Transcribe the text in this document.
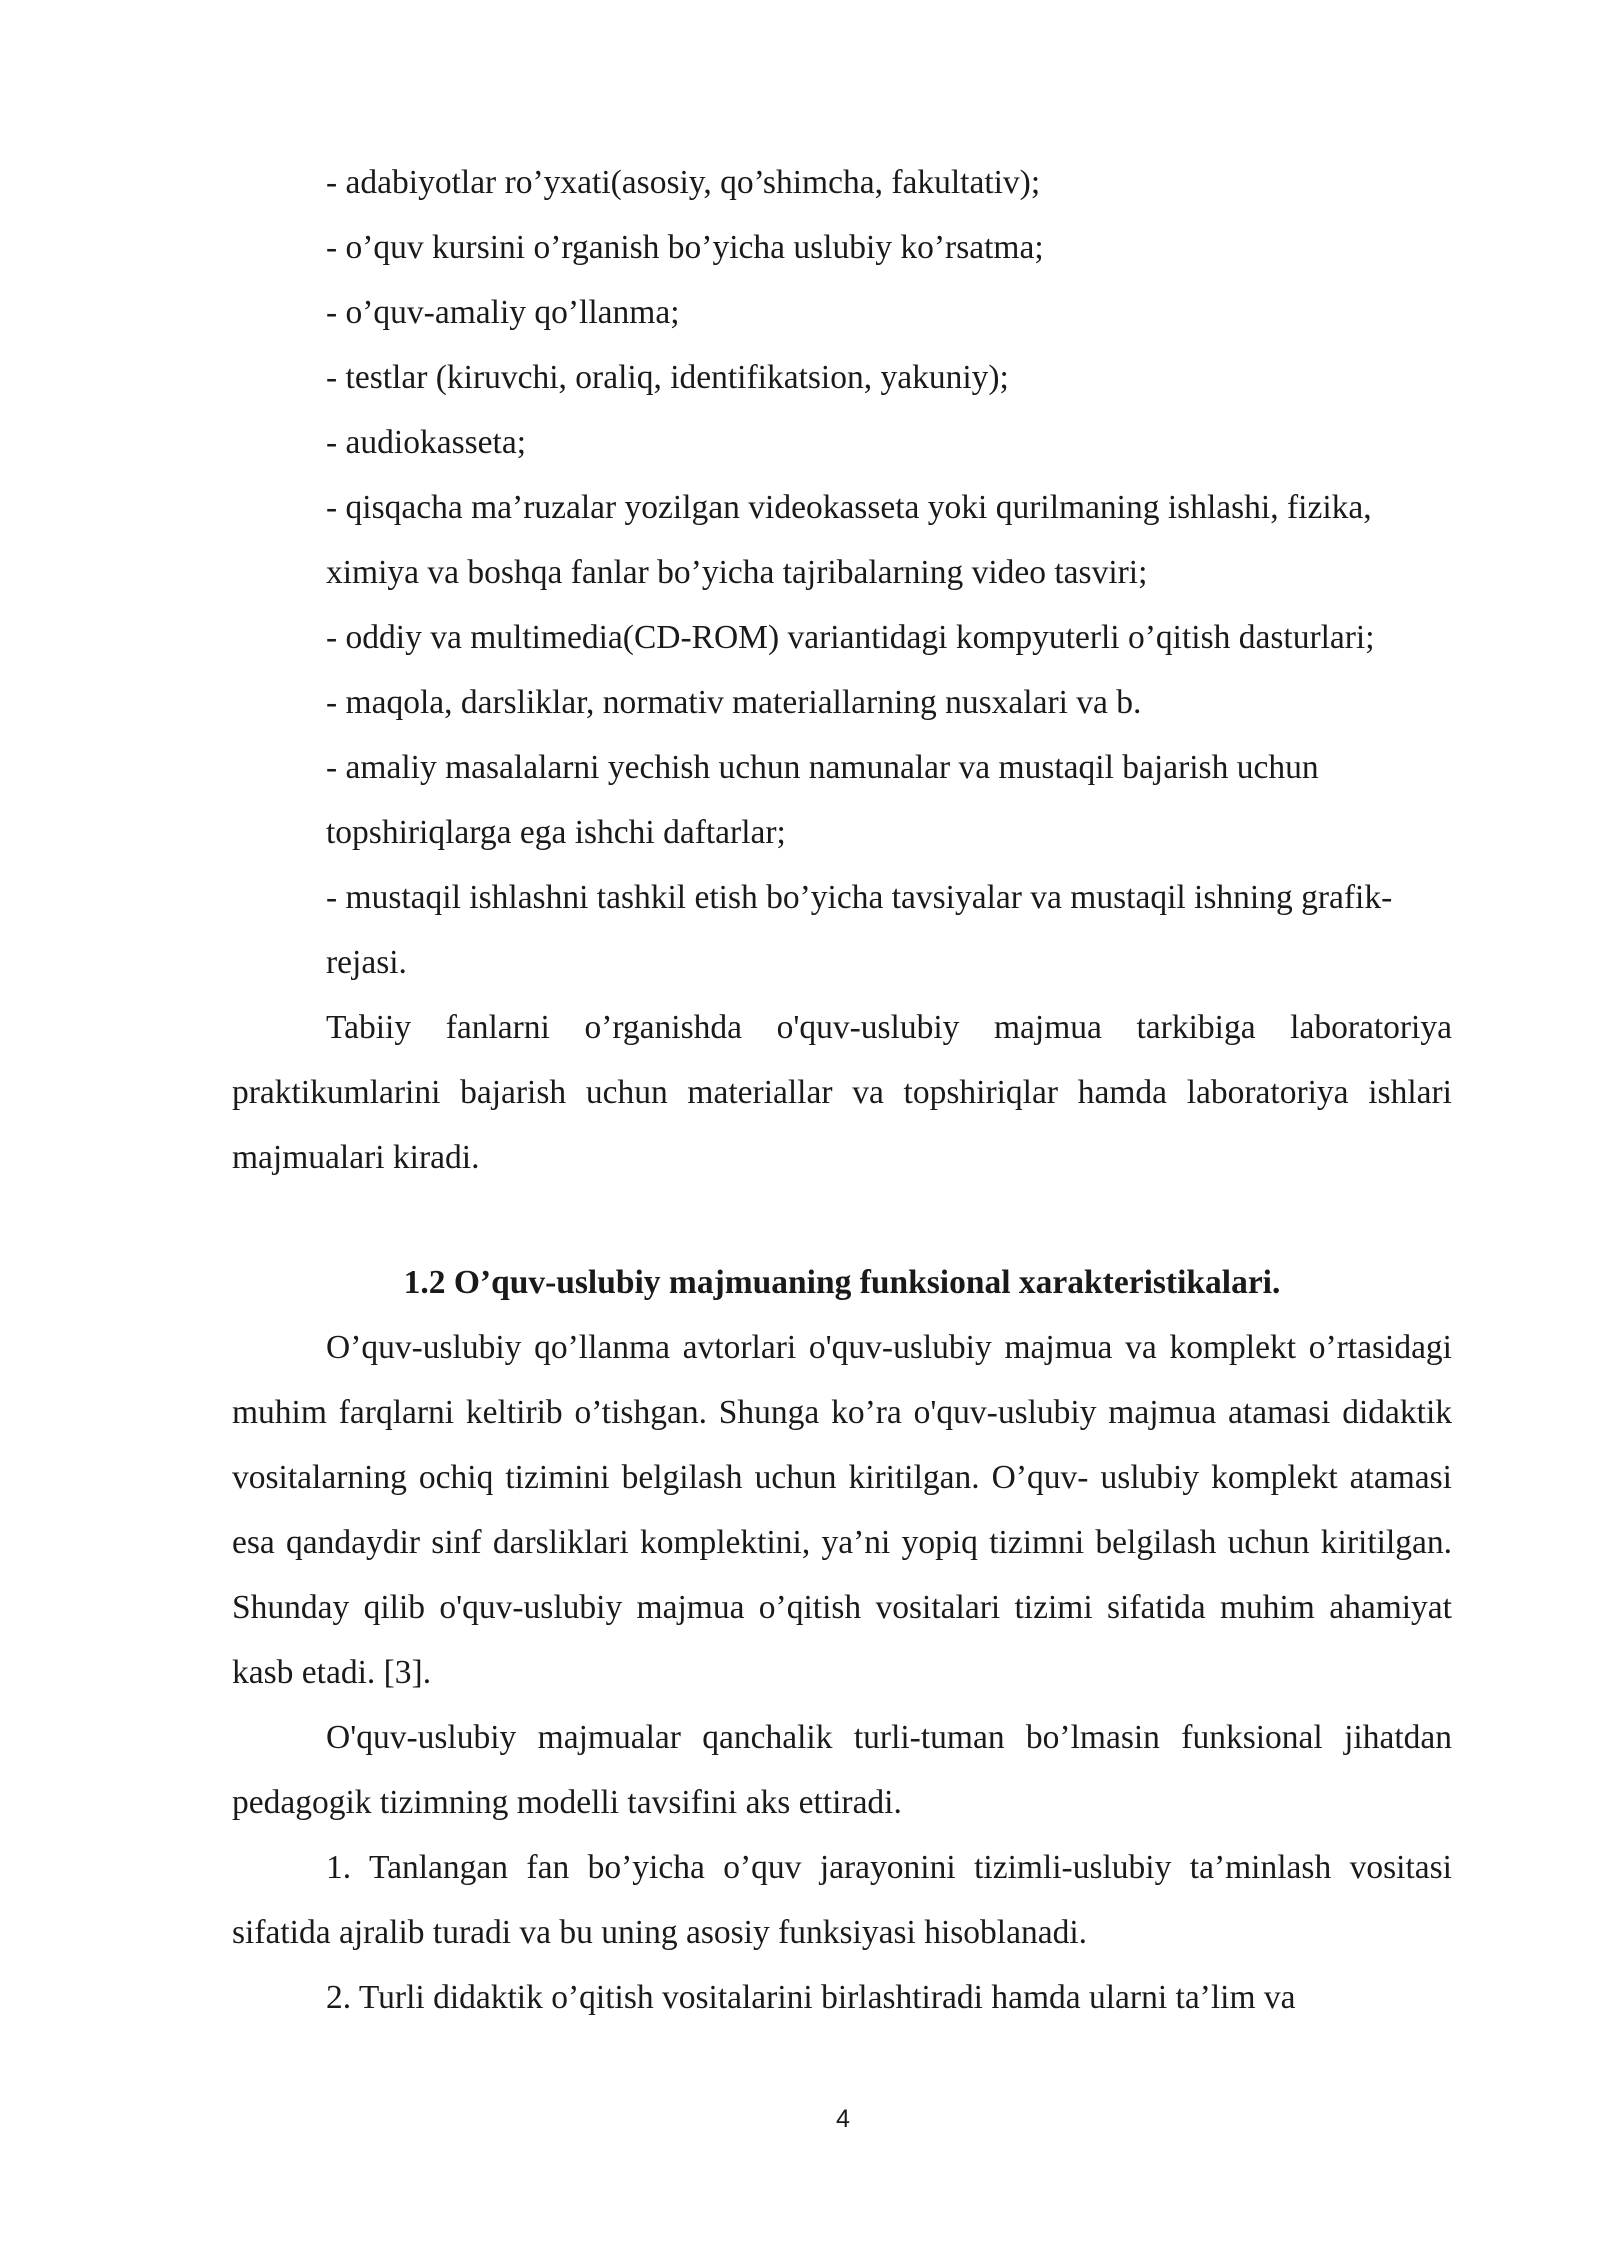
- adabiyotlar ro’yxati(asosiy, qo’shimcha, fakultativ);

- o’quv kursini o’rganish bo’yicha uslubiy ko’rsatma;

- o’quv-amaliy qo’llanma;

- testlar (kiruvchi, oraliq, identifikatsion, yakuniy);

- audiokasseta;

- qisqacha ma’ruzalar yozilgan videokasseta yoki qurilmaning ishlashi, fizika, ximiya va boshqa fanlar bo’yicha tajribalarning video tasviri;

- oddiy va multimedia(CD-ROM) variantidagi kompyuterli o’qitish dasturlari;

- maqola, darsliklar, normativ materiallarning nusxalari va b.

- amaliy masalalarni yechish uchun namunalar va mustaqil bajarish uchun topshiriqlarga ega ishchi daftarlar;

- mustaqil ishlashni tashkil etish bo’yicha tavsiyalar va mustaqil ishning grafik-rejasi.

Tabiiy fanlarni o’rganishda o'quv-uslubiy majmua tarkibiga laboratoriya praktikumlarini bajarish uchun materiallar va topshiriqlar hamda laboratoriya ishlari majmualari kiradi.

1.2 O’quv-uslubiy majmuaning funksional xarakteristikalari.

O’quv-uslubiy qo’llanma avtorlari o'quv-uslubiy majmua va komplekt o’rtasidagi muhim farqlarni keltirib o’tishgan. Shunga ko’ra o'quv-uslubiy majmua atamasi didaktik vositalarning ochiq tizimini belgilash uchun kiritilgan. O’quv- uslubiy komplekt atamasi esa qandaydir sinf darsliklari komplektini, ya’ni yopiq tizimni belgilash uchun kiritilgan. Shunday qilib o'quv-uslubiy majmua o’qitish vositalari tizimi sifatida muhim ahamiyat kasb etadi. [3].

O'quv-uslubiy majmualar qanchalik turli-tuman bo’lmasin funksional jihatdan pedagogik tizimning modelli tavsifini aks ettiradi.

1. Tanlangan fan bo’yicha o’quv jarayonini tizimli-uslubiy ta’minlash vositasi sifatida ajralib turadi va bu uning asosiy funksiyasi hisoblanadi.

2. Turli didaktik o’qitish vositalarini birlashtiradi hamda ularni ta’lim va

4
